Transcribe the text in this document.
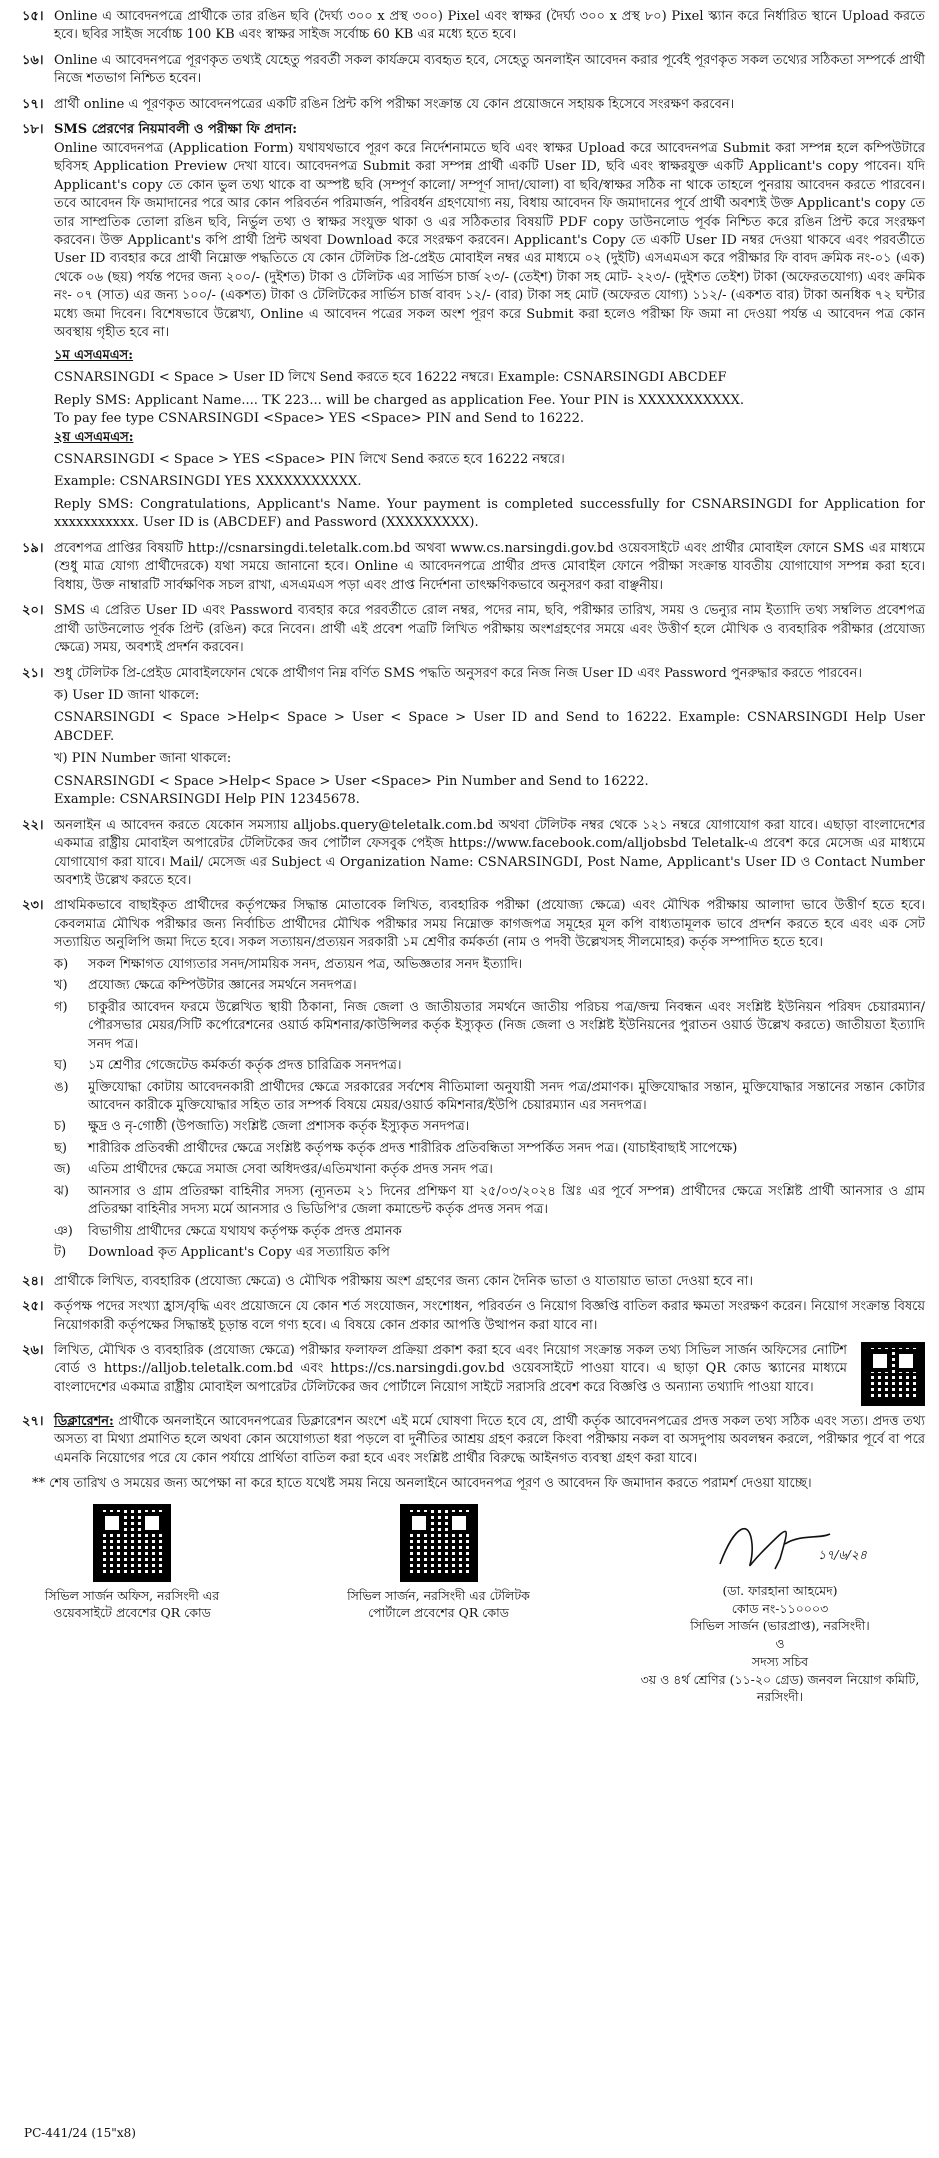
১৫। Online এ আবেদনপত্রে প্রার্থীকে তার রঙিন ছবি (দৈর্ঘ্য ৩০০ x প্রস্থ ৩০০) Pixel এবং স্বাক্ষর (দৈর্ঘ্য ৩০০ x প্রস্থ ৮০) Pixel স্ক্যান করে নির্ধারিত স্থানে Upload করতে হবে। ছবির সাইজ সর্বোচ্চ 100 KB এবং স্বাক্ষর সাইজ সর্বোচ্চ 60 KB এর মধ্যে হতে হবে।
১৬। Online এ আবেদনপত্রে পূরণকৃত তথ্যই যেহেতু পরবর্তী সকল কার্যক্রমে ব্যবহৃত হবে, সেহেতু অনলাইন আবেদন করার পূর্বেই পূরণকৃত সকল তথ্যের সঠিকতা সম্পর্কে প্রার্থী নিজে শতভাগ নিশ্চিত হবেন।
১৭। প্রার্থী online এ পূরণকৃত আবেদনপত্রের একটি রঙিন প্রিন্ট কপি পরীক্ষা সংক্রান্ত যে কোন প্রয়োজনে সহায়ক হিসেবে সংরক্ষণ করবেন।
১৮। SMS প্রেরণের নিয়মাবলী ও পরীক্ষা ফি প্রদান:
Online আবেদনপত্র (Application Form) যথাযথভাবে পূরণ করে নির্দেশনামতে ছবি এবং স্বাক্ষর Upload করে আবেদনপত্র Submit করা সম্পন্ন হলে কম্পিউটারে ছবিসহ Application Preview দেখা যাবে। আবেদনপত্র Submit করা সম্পন্ন প্রার্থী একটি User ID, ছবি এবং স্বাক্ষরযুক্ত একটি Applicant's copy পাবেন। যদি Applicant's copy তে কোন ভুল তথ্য থাকে বা অস্পষ্ট ছবি (সম্পূর্ণ কালো/ সম্পূর্ণ সাদা/ঘোলা) বা ছবি/স্বাক্ষর সঠিক না থাকে তাহলে পুনরায় আবেদন করতে পারবেন। তবে আবেদন ফি জমাদানের পরে আর কোন পরিবর্তন পরিমার্জন, পরিবর্ধন গ্রহণযোগ্য নয়, বিধায় আবেদন ফি জমাদানের পূর্বে প্রার্থী অবশ্যই উক্ত Applicant's copy তে তার সাম্প্রতিক তোলা রঙিন ছবি, নির্ভুল তথ্য ও স্বাক্ষর সংযুক্ত থাকা ও এর সঠিকতার বিষয়টি PDF copy ডাউনলোড পূর্বক নিশ্চিত করে রঙিন প্রিন্ট করে সংরক্ষণ করবেন। উক্ত Applicant's কপি প্রার্থী প্রিন্ট অথবা Download করে সংরক্ষণ করবেন। Applicant's Copy তে একটি User ID নম্বর দেওয়া থাকবে এবং পরবর্তীতে User ID ব্যবহার করে প্রার্থী নিম্নোক্ত পদ্ধতিতে যে কোন টেলিটক প্রি-প্রেইড মোবাইল নম্বর এর মাধ্যমে ০২ (দুইটি) এসএমএস করে পরীক্ষার ফি বাবদ ক্রমিক নং-০১ (এক) থেকে ০৬ (ছয়) পর্যন্ত পদের জন্য ২০০/- (দুইশত) টাকা ও টেলিটক এর সার্ভিস চার্জ ২৩/- (তেইশ) টাকা সহ মোট- ২২৩/- (দুইশত তেইশ) টাকা (অফেরতযোগ্য) এবং ক্রমিক নং- ০৭ (সাত) এর জন্য ১০০/- (একশত) টাকা ও টেলিটকের সার্ভিস চার্জ বাবদ ১২/- (বার) টাকা সহ মোট (অফেরত যোগ্য) ১১২/- (একশত বার) টাকা অনধিক ৭২ ঘন্টার মধ্যে জমা দিবেন। বিশেষভাবে উল্লেখ্য, Online এ আবেদন পত্রের সকল অংশ পূরণ করে Submit করা হলেও পরীক্ষা ফি জমা না দেওয়া পর্যন্ত এ আবেদন পত্র কোন অবস্থায় গৃহীত হবে না।
১ম এসএমএস:
CSNARSINGDI < Space > User ID লিখে Send করতে হবে 16222 নম্বরে। Example: CSNARSINGDI ABCDEF
Reply SMS: Applicant Name.... TK 223... will be charged as application Fee. Your PIN is XXXXXXXXXXX.
To pay fee type CSNARSINGDI <Space> YES <Space> PIN and Send to 16222.
২য় এসএমএস:
CSNARSINGDI < Space > YES <Space> PIN লিখে Send করতে হবে 16222 নম্বরে।
Example: CSNARSINGDI YES XXXXXXXXXXX.
Reply SMS: Congratulations, Applicant's Name. Your payment is completed successfully for CSNARSINGDI for Application for xxxxxxxxxxx. User ID is (ABCDEF) and Password (XXXXXXXXX).
১৯। প্রবেশপত্র প্রাপ্তির বিষয়টি http://csnarsingdi.teletalk.com.bd অথবা www.cs.narsingdi.gov.bd ওয়েবসাইটে এবং প্রার্থীর মোবাইল ফোনে SMS এর মাধ্যমে (শুধু মাত্র যোগ্য প্রার্থীদেরকে) যথা সময়ে জানানো হবে। Online এ আবেদনপত্রে প্রার্থীর প্রদত্ত মোবাইল ফোনে পরীক্ষা সংক্রান্ত যাবতীয় যোগাযোগ সম্পন্ন করা হবে। বিধায়, উক্ত নাম্বারটি সার্বক্ষণিক সচল রাখা, এসএমএস পড়া এবং প্রাপ্ত নির্দেশনা তাৎক্ষণিকভাবে অনুসরণ করা বাঞ্ছনীয়।
২০। SMS এ প্রেরিত User ID এবং Password ব্যবহার করে পরবর্তীতে রোল নম্বর, পদের নাম, ছবি, পরীক্ষার তারিখ, সময় ও ভেন্যুর নাম ইত্যাদি তথ্য সম্বলিত প্রবেশপত্র প্রার্থী ডাউনলোড পূর্বক প্রিন্ট (রঙিন) করে নিবেন। প্রার্থী এই প্রবেশ পত্রটি লিখিত পরীক্ষায় অংশগ্রহণের সময়ে এবং উত্তীর্ণ হলে মৌখিক ও ব্যবহারিক পরীক্ষার (প্রযোজ্য ক্ষেত্রে) সময়, অবশ্যই প্রদর্শন করবেন।
২১। শুধু টেলিটক প্রি-প্রেইড মোবাইলফোন থেকে প্রার্থীগণ নিম্ন বর্ণিত SMS পদ্ধতি অনুসরণ করে নিজ নিজ User ID এবং Password পুনরুদ্ধার করতে পারবেন।
ক) User ID জানা থাকলে:
CSNARSINGDI < Space >Help< Space > User < Space > User ID and Send to 16222. Example: CSNARSINGDI Help User ABCDEF.
খ) PIN Number জানা থাকলে:
CSNARSINGDI < Space >Help< Space > User <Space> Pin Number and Send to 16222.
Example: CSNARSINGDI Help PIN 12345678.
২২। অনলাইন এ আবেদন করতে যেকোন সমস্যায় alljobs.query@teletalk.com.bd অথবা টেলিটক নম্বর থেকে ১২১ নম্বরে যোগাযোগ করা যাবে। এছাড়া বাংলাদেশের একমাত্র রাষ্ট্রীয় মোবাইল অপারেটর টেলিটকের জব পোর্টাল ফেসবুক পেইজ https://www.facebook.com/alljobsbd Teletalk-এ প্রবেশ করে মেসেজ এর মাধ্যমে যোগাযোগ করা যাবে। Mail/ মেসেজ এর Subject এ Organization Name: CSNARSINGDI, Post Name, Applicant's User ID ও Contact Number অবশ্যই উল্লেখ করতে হবে।
২৩। প্রাথমিকভাবে বাছাইকৃত প্রার্থীদের কর্তৃপক্ষের সিদ্ধান্ত মোতাবেক লিখিত, ব্যবহারিক পরীক্ষা (প্রযোজ্য ক্ষেত্রে) এবং মৌখিক পরীক্ষায় আলাদা ভাবে উত্তীর্ণ হতে হবে। কেবলমাত্র মৌখিক পরীক্ষার জন্য নির্বাচিত প্রার্থীদের মৌখিক পরীক্ষার সময় নিম্নোক্ত কাগজপত্র সমূহের মূল কপি বাধ্যতামূলক ভাবে প্রদর্শন করতে হবে এবং এক সেট সত্যায়িত অনুলিপি জমা দিতে হবে। সকল সত্যায়ন/প্রত্যয়ন সরকারী ১ম শ্রেণীর কর্মকর্তা (নাম ও পদবী উল্লেখসহ সীলমোহর) কর্তৃক সম্পাদিত হতে হবে।
ক)	সকল শিক্ষাগত যোগ্যতার সনদ/সাময়িক সনদ, প্রত্যয়ন পত্র, অভিজ্ঞতার সনদ ইত্যাদি।
খ)	প্রযোজ্য ক্ষেত্রে কম্পিউটার জ্ঞানের সমর্থনে সনদপত্র।
গ)	চাকুরীর আবেদন ফরমে উল্লেখিত স্থায়ী ঠিকানা, নিজ জেলা ও জাতীয়তার সমর্থনে জাতীয় পরিচয় পত্র/জন্ম নিবন্ধন এবং সংশ্লিষ্ট ইউনিয়ন পরিষদ চেয়ারম্যান/পৌরসভার মেয়র/সিটি কর্পোরেশনের ওয়ার্ড কমিশনার/কাউন্সিলর কর্তৃক ইস্যুকৃত (নিজ জেলা ও সংশ্লিষ্ট ইউনিয়নের পুরাতন ওয়ার্ড উল্লেখ করতে) জাতীয়তা ইত্যাদি সনদ পত্র।
ঘ)	১ম শ্রেণীর গেজেটেড কর্মকর্তা কর্তৃক প্রদত্ত চারিত্রিক সনদপত্র।
ঙ)	মুক্তিযোদ্ধা কোটায় আবেদনকারী প্রার্থীদের ক্ষেত্রে সরকারের সর্বশেষ নীতিমালা অনুযায়ী সনদ পত্র/প্রমাণক। মুক্তিযোদ্ধার সন্তান, মুক্তিযোদ্ধার সন্তানের সন্তান কোটার আবেদন কারীকে মুক্তিযোদ্ধার সহিত তার সম্পর্ক বিষয়ে মেয়র/ওয়ার্ড কমিশনার/ইউপি চেয়ারম্যান এর সনদপত্র।
চ)	ক্ষুদ্র ও নৃ-গোষ্ঠী (উপজাতি) সংশ্লিষ্ট জেলা প্রশাসক কর্তৃক ইস্যুকৃত সনদপত্র।
ছ)	শারীরিক প্রতিবন্ধী প্রার্থীদের ক্ষেত্রে সংশ্লিষ্ট কর্তৃপক্ষ কর্তৃক প্রদত্ত শারীরিক প্রতিবন্ধিতা সম্পর্কিত সনদ পত্র। (যাচাইবাছাই সাপেক্ষে)
জ)	এতিম প্রার্থীদের ক্ষেত্রে সমাজ সেবা অধিদপ্তর/এতিমখানা কর্তৃক প্রদত্ত সনদ পত্র।
ঝ)	আনসার ও গ্রাম প্রতিরক্ষা বাহিনীর সদস্য (ন্যূনতম ২১ দিনের প্রশিক্ষণ যা ২৫/০৩/২০২৪ খ্রিঃ এর পূর্বে সম্পন্ন) প্রার্থীদের ক্ষেত্রে সংশ্লিষ্ট প্রার্থী আনসার ও গ্রাম প্রতিরক্ষা বাহিনীর সদস্য মর্মে আনসার ও ভিডিপি'র জেলা কমান্ডেন্ট কর্তৃক প্রদত্ত সনদ পত্র।
ঞ)	বিভাগীয় প্রার্থীদের ক্ষেত্রে যথাযথ কর্তৃপক্ষ কর্তৃক প্রদত্ত প্রমানক
ট)	Download কৃত Applicant's Copy এর সত্যায়িত কপি
২৪। প্রার্থীকে লিখিত, ব্যবহারিক (প্রযোজ্য ক্ষেত্রে) ও মৌখিক পরীক্ষায় অংশ গ্রহণের জন্য কোন দৈনিক ভাতা ও যাতায়াত ভাতা দেওয়া হবে না।
২৫। কর্তৃপক্ষ পদের সংখ্যা হ্রাস/বৃদ্ধি এবং প্রয়োজনে যে কোন শর্ত সংযোজন, সংশোধন, পরিবর্তন ও নিয়োগ বিজ্ঞপ্তি বাতিল করার ক্ষমতা সংরক্ষণ করেন। নিয়োগ সংক্রান্ত বিষয়ে নিয়োগকারী কর্তৃপক্ষের সিদ্ধান্তই চূড়ান্ত বলে গণ্য হবে। এ বিষয়ে কোন প্রকার আপত্তি উত্থাপন করা যাবে না।
২৬। লিখিত, মৌখিক ও ব্যবহারিক (প্রযোজ্য ক্ষেত্রে) পরীক্ষার ফলাফল প্রক্রিয়া প্রকাশ করা হবে এবং নিয়োগ সংক্রান্ত সকল তথ্য সিভিল সার্জন অফিসের নোটিশ বোর্ড ও https://alljob.teletalk.com.bd এবং https://cs.narsingdi.gov.bd ওয়েবসাইটে পাওয়া যাবে। এ ছাড়া QR কোড স্ক্যানের মাধ্যমে বাংলাদেশের একমাত্র রাষ্ট্রীয় মোবাইল অপারেটর টেলিটকের জব পোর্টালে নিয়োগ সাইটে সরাসরি প্রবেশ করে বিজ্ঞপ্তি ও অন্যান্য তথ্যাদি পাওয়া যাবে।
২৭। ডিক্লারেশন: প্রার্থীকে অনলাইনে আবেদনপত্রের ডিক্লারেশন অংশে এই মর্মে ঘোষণা দিতে হবে যে, প্রার্থী কর্তৃক আবেদনপত্রের প্রদত্ত সকল তথ্য সঠিক এবং সত্য। প্রদত্ত তথ্য অসত্য বা মিথ্যা প্রমাণিত হলে অথবা কোন অযোগ্যতা ধরা পড়লে বা দুর্নীতির আশ্রয় গ্রহণ করলে কিংবা পরীক্ষায় নকল বা অসদুপায় অবলম্বন করলে, পরীক্ষার পূর্বে বা পরে এমনকি নিয়োগের পরে যে কোন পর্যায়ে প্রার্থিতা বাতিল করা হবে এবং সংশ্লিষ্ট প্রার্থীর বিরুদ্ধে আইনগত ব্যবস্থা গ্রহণ করা যাবে।
** শেষ তারিখ ও সময়ের জন্য অপেক্ষা না করে হাতে যথেষ্ট সময় নিয়ে অনলাইনে আবেদনপত্র পূরণ ও আবেদন ফি জমাদান করতে পরামর্শ দেওয়া যাচ্ছে।
সিভিল সার্জন অফিস, নরসিংদী এর ওয়েবসাইটে প্রবেশের QR কোড
সিভিল সার্জন, নরসিংদী এর টেলিটক পোর্টালে প্রবেশের QR কোড
১৭/৬/২৪
(ডা. ফারহানা আহমেদ)
কোড নং-১১০০০৩
সিভিল সার্জন (ভারপ্রাপ্ত), নরসিংদী।
ও
সদস্য সচিব
৩য় ও ৪র্থ শ্রেণির (১১-২০ গ্রেড) জনবল নিয়োগ কমিটি, নরসিংদী।
PC-441/24 (15"x8)
